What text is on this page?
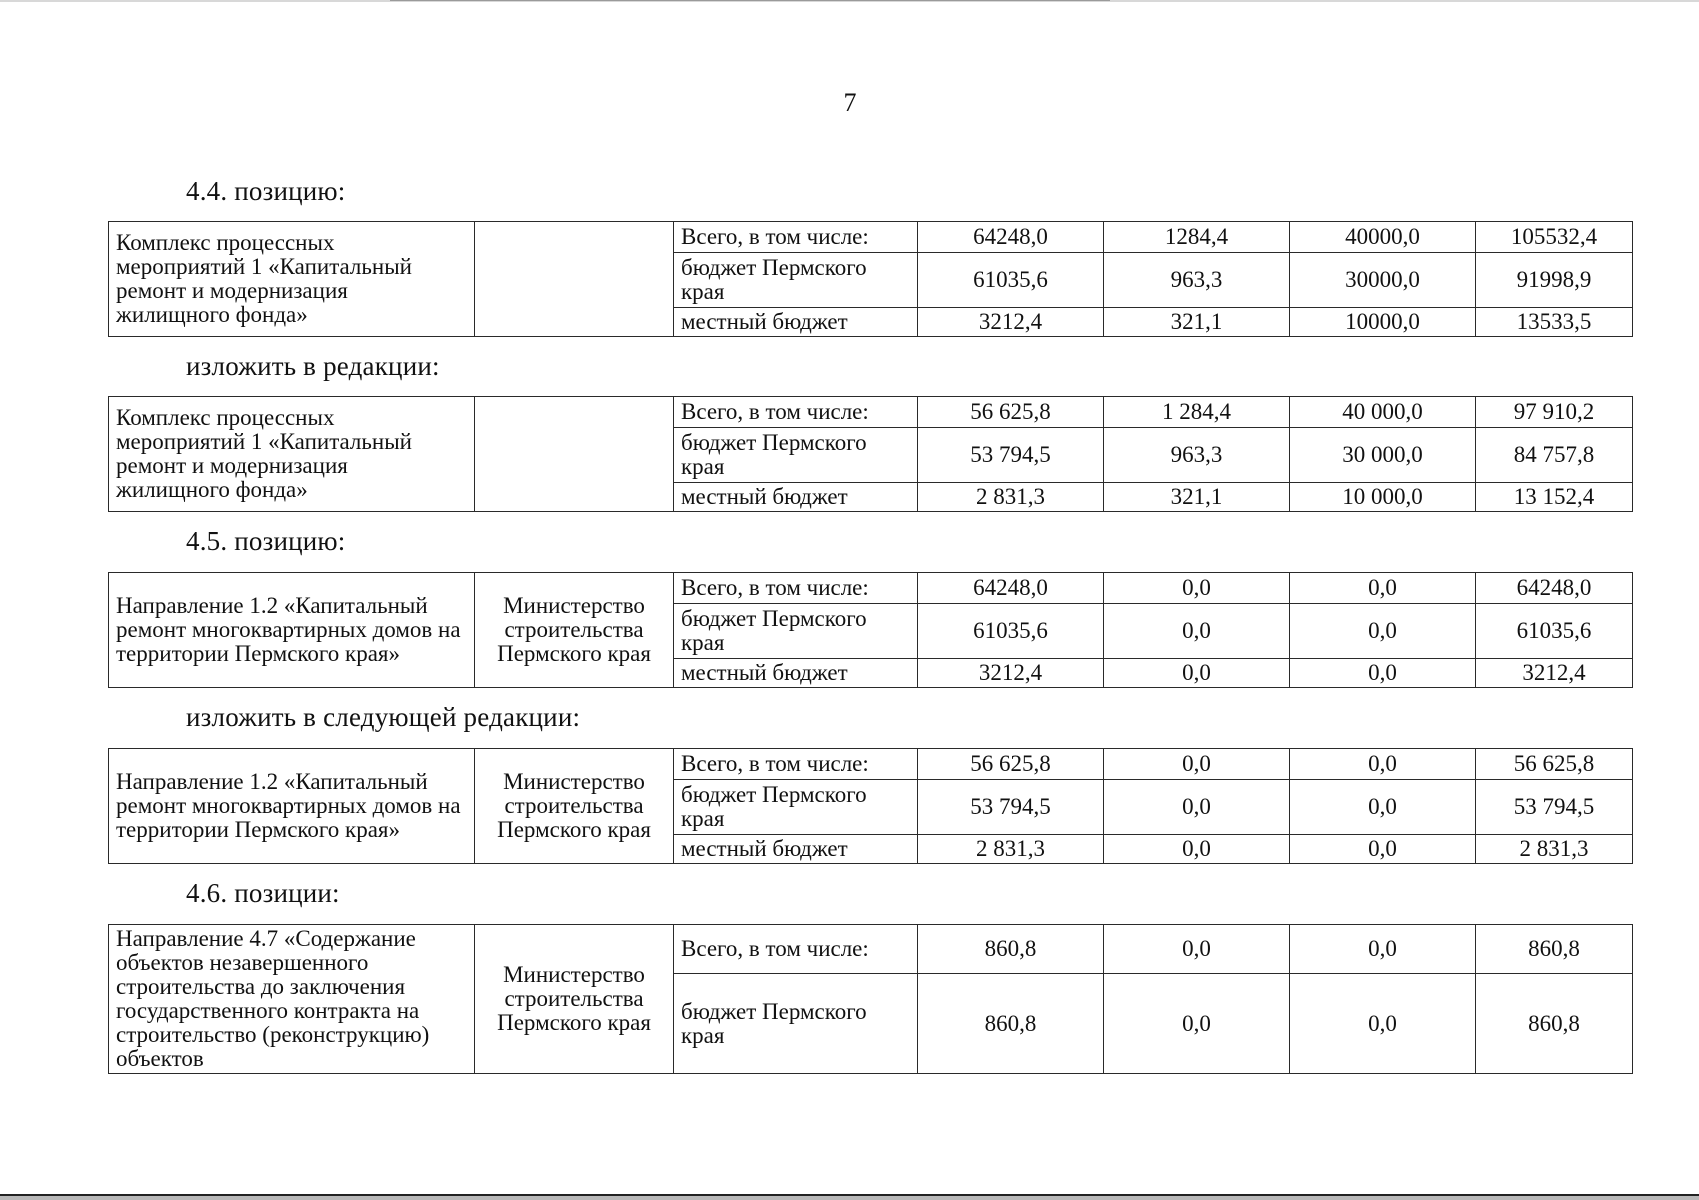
7
4.4. позицию:
Комплекс процессных мероприятий 1 «Капитальный ремонт и модернизация жилищного фонда»		Всего, в том числе:	64248,0	1284,4	40000,0	105532,4
		бюджет Пермского края	61035,6	963,3	30000,0	91998,9
		местный бюджет	3212,4	321,1	10000,0	13533,5
изложить в редакции:
Комплекс процессных мероприятий 1 «Капитальный ремонт и модернизация жилищного фонда»		Всего, в том числе:	56 625,8	1 284,4	40 000,0	97 910,2
		бюджет Пермского края	53 794,5	963,3	30 000,0	84 757,8
		местный бюджет	2 831,3	321,1	10 000,0	13 152,4
4.5. позицию:
Направление 1.2 «Капитальный ремонт многоквартирных домов на территории Пермского края»	Министерство строительства Пермского края	Всего, в том числе:	64248,0	0,0	0,0	64248,0
		бюджет Пермского края	61035,6	0,0	0,0	61035,6
		местный бюджет	3212,4	0,0	0,0	3212,4
изложить в следующей редакции:
Направление 1.2 «Капитальный ремонт многоквартирных домов на территории Пермского края»	Министерство строительства Пермского края	Всего, в том числе:	56 625,8	0,0	0,0	56 625,8
		бюджет Пермского края	53 794,5	0,0	0,0	53 794,5
		местный бюджет	2 831,3	0,0	0,0	2 831,3
4.6. позиции:
Направление 4.7 «Содержание объектов незавершенного строительства до заключения государственного контракта на строительство (реконструкцию) объектов	Министерство строительства Пермского края	Всего, в том числе:	860,8	0,0	0,0	860,8
		бюджет Пермского края	860,8	0,0	0,0	860,8
